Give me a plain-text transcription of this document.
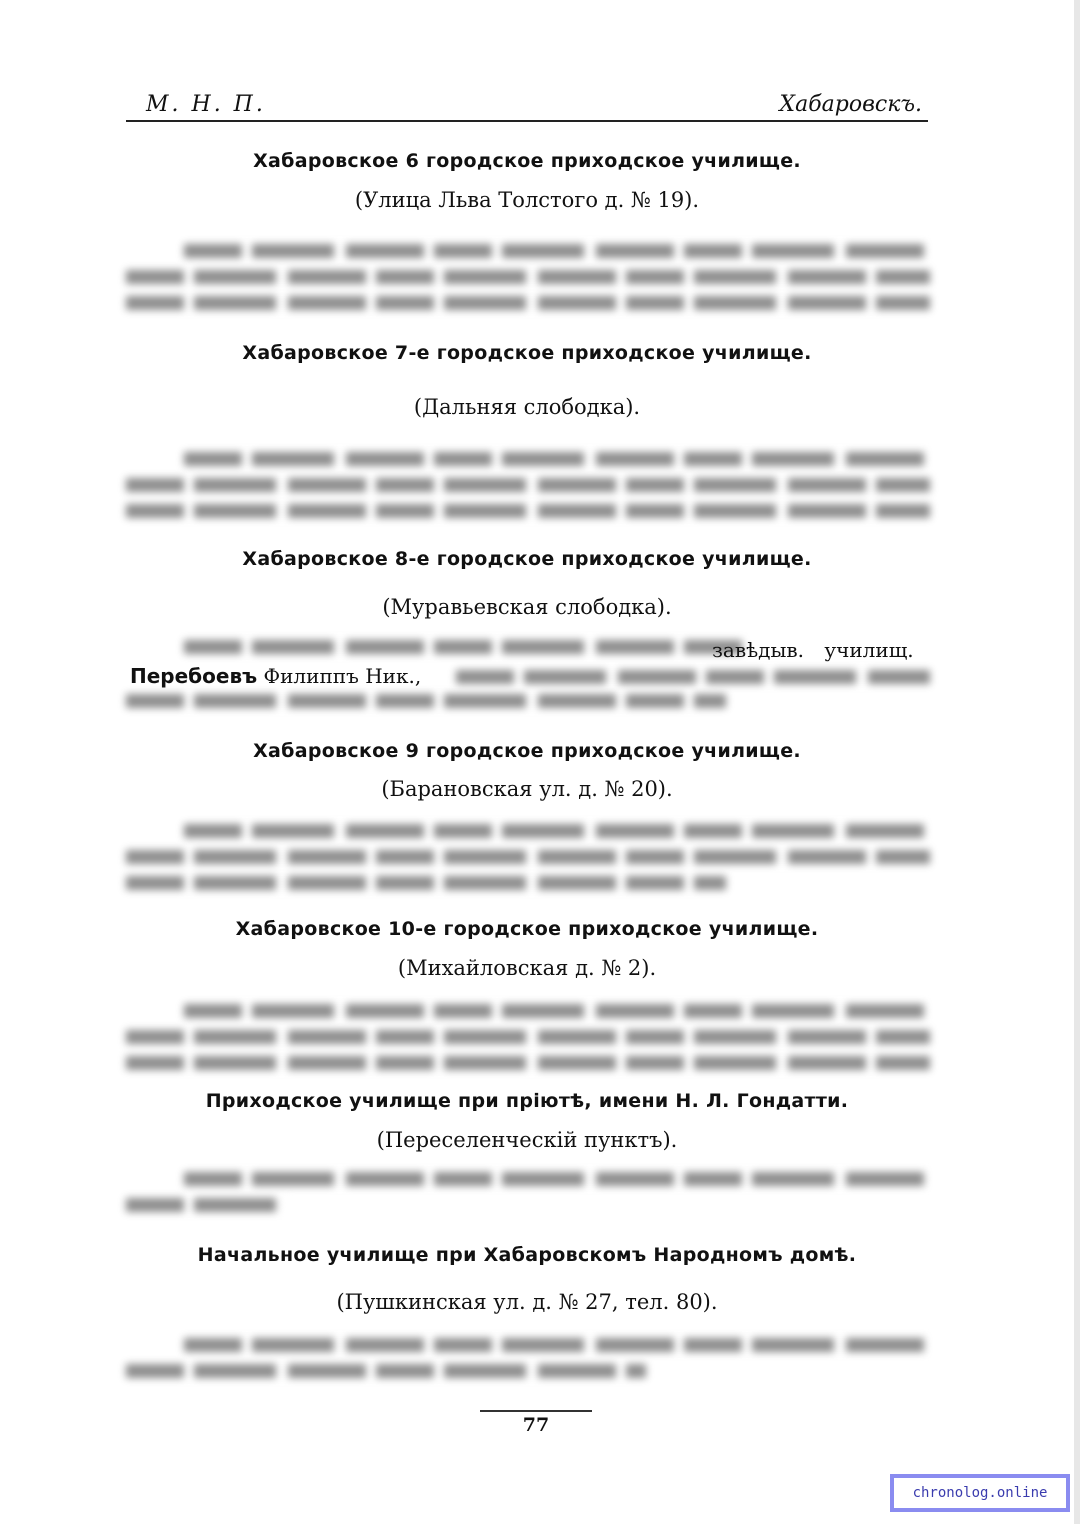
М. Н. П.	Хабаровскъ.
Хабаровское 6 городское приходское училище.
(Улица Льва Толстого д. № 19).
Хабаровское 7-е городское приходское училище.
(Дальняя слободка).
Хабаровское 8-е городское приходское училище.
(Муравьевская слободка).
завѣдыв. училищ.
Перебоевъ Филиппъ Ник.,
Хабаровское 9 городское приходское училище.
(Барановская ул. д. № 20).
Хабаровское 10-е городское приходское училище.
(Михайловская д. № 2).
Приходское училище при пріютѣ, имени Н. Л. Гондатти.
(Переселенческій пунктъ).
Начальное училище при Хабаровскомъ Народномъ домѣ.
(Пушкинская ул. д. № 27, тел. 80).
77
chronolog.online
